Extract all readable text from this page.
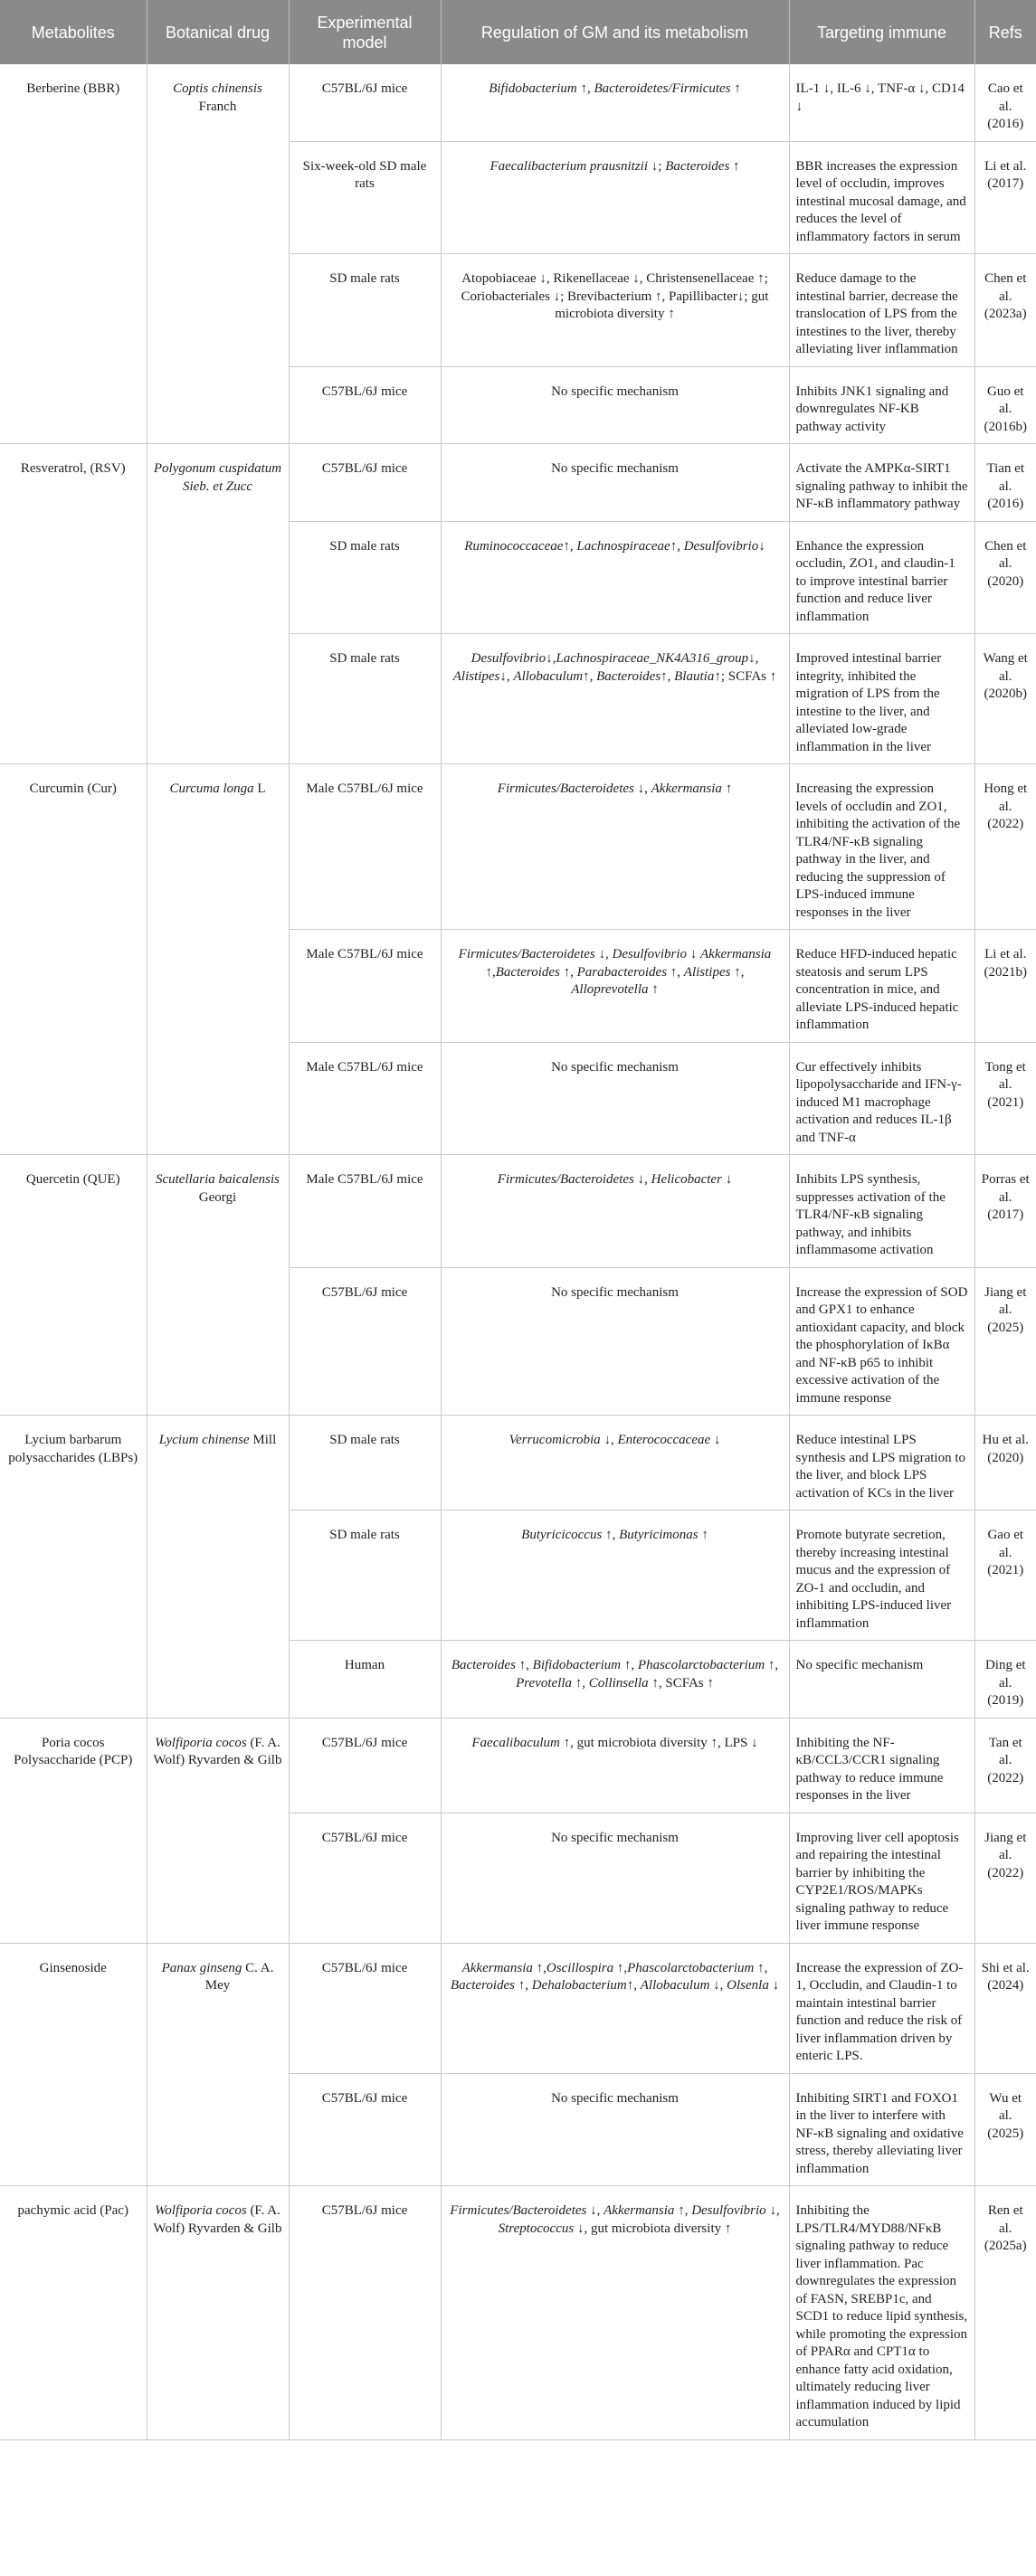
Metabolites	Botanical drug	Experimental model	Regulation of GM and its metabolism	Targeting immune	Refs
Berberine (BBR)	Coptis chinensis Franch	C57BL/6J mice	Bifidobacterium ↑, Bacteroidetes/Firmicutes ↑	IL-1 ↓, IL-6 ↓, TNF-α ↓, CD14 ↓	Cao et al. (2016)
		Six-week-old SD male rats	Faecalibacterium prausnitzii ↓; Bacteroides ↑	BBR increases the expression level of occludin, improves intestinal mucosal damage, and reduces the level of inflammatory factors in serum	Li et al. (2017)
		SD male rats	Atopobiaceae ↓, Rikenellaceae ↓, Christensenellaceae ↑; Coriobacteriales ↓; Brevibacterium ↑, Papillibacter↓; gut microbiota diversity ↑	Reduce damage to the intestinal barrier, decrease the translocation of LPS from the intestines to the liver, thereby alleviating liver inflammation	Chen et al. (2023a)
		C57BL/6J mice	No specific mechanism	Inhibits JNK1 signaling and downregulates NF-KB pathway activity	Guo et al. (2016b)
Resveratrol, (RSV)	Polygonum cuspidatum Sieb. et Zucc	C57BL/6J mice	No specific mechanism	Activate the AMPKα-SIRT1 signaling pathway to inhibit the NF-κB inflammatory pathway	Tian et al. (2016)
		SD male rats	Ruminococcaceae↑, Lachnospiraceae↑, Desulfovibrio↓	Enhance the expression occludin, ZO1, and claudin-1 to improve intestinal barrier function and reduce liver inflammation	Chen et al. (2020)
		SD male rats	Desulfovibrio↓,Lachnospiraceae_NK4A316_group↓, Alistipes↓, Allobaculum↑, Bacteroides↑, Blautia↑; SCFAs ↑	Improved intestinal barrier integrity, inhibited the migration of LPS from the intestine to the liver, and alleviated low-grade inflammation in the liver	Wang et al. (2020b)
Curcumin (Cur)	Curcuma longa L	Male C57BL/6J mice	Firmicutes/Bacteroidetes ↓, Akkermansia ↑	Increasing the expression levels of occludin and ZO1, inhibiting the activation of the TLR4/NF-κB signaling pathway in the liver, and reducing the suppression of LPS-induced immune responses in the liver	Hong et al. (2022)
		Male C57BL/6J mice	Firmicutes/Bacteroidetes ↓, Desulfovibrio ↓ Akkermansia ↑,Bacteroides ↑, Parabacteroides ↑, Alistipes ↑, Alloprevotella ↑	Reduce HFD-induced hepatic steatosis and serum LPS concentration in mice, and alleviate LPS-induced hepatic inflammation	Li et al. (2021b)
		Male C57BL/6J mice	No specific mechanism	Cur effectively inhibits lipopolysaccharide and IFN-γ-induced M1 macrophage activation and reduces IL-1β and TNF-α	Tong et al. (2021)
Quercetin (QUE)	Scutellaria baicalensis Georgi	Male C57BL/6J mice	Firmicutes/Bacteroidetes ↓, Helicobacter ↓	Inhibits LPS synthesis, suppresses activation of the TLR4/NF-κB signaling pathway, and inhibits inflammasome activation	Porras et al. (2017)
		C57BL/6J mice	No specific mechanism	Increase the expression of SOD and GPX1 to enhance antioxidant capacity, and block the phosphorylation of IκBα and NF-κB p65 to inhibit excessive activation of the immune response	Jiang et al. (2025)
Lycium barbarum polysaccharides (LBPs)	Lycium chinense Mill	SD male rats	Verrucomicrobia ↓, Enterococcaceae ↓	Reduce intestinal LPS synthesis and LPS migration to the liver, and block LPS activation of KCs in the liver	Hu et al. (2020)
		SD male rats	Butyricicoccus ↑, Butyricimonas ↑	Promote butyrate secretion, thereby increasing intestinal mucus and the expression of ZO-1 and occludin, and inhibiting LPS-induced liver inflammation	Gao et al. (2021)
		Human	Bacteroides ↑, Bifidobacterium ↑, Phascolarctobacterium ↑, Prevotella ↑, Collinsella ↑, SCFAs ↑	No specific mechanism	Ding et al. (2019)
Poria cocos Polysaccharide (PCP)	Wolfiporia cocos (F. A. Wolf) Ryvarden & Gilb	C57BL/6J mice	Faecalibaculum ↑, gut microbiota diversity ↑, LPS ↓	Inhibiting the NF-κB/CCL3/CCR1 signaling pathway to reduce immune responses in the liver	Tan et al. (2022)
		C57BL/6J mice	No specific mechanism	Improving liver cell apoptosis and repairing the intestinal barrier by inhibiting the CYP2E1/ROS/MAPKs signaling pathway to reduce liver immune response	Jiang et al. (2022)
Ginsenoside	Panax ginseng C. A. Mey	C57BL/6J mice	Akkermansia ↑,Oscillospira ↑,Phascolarctobacterium ↑, Bacteroides ↑, Dehalobacterium↑, Allobaculum ↓, Olsenla ↓	Increase the expression of ZO-1, Occludin, and Claudin-1 to maintain intestinal barrier function and reduce the risk of liver inflammation driven by enteric LPS.	Shi et al. (2024)
		C57BL/6J mice	No specific mechanism	Inhibiting SIRT1 and FOXO1 in the liver to interfere with NF-κB signaling and oxidative stress, thereby alleviating liver inflammation	Wu et al. (2025)
pachymic acid (Pac)	Wolfiporia cocos (F. A. Wolf) Ryvarden & Gilb	C57BL/6J mice	Firmicutes/Bacteroidetes ↓, Akkermansia ↑, Desulfovibrio ↓, Streptococcus ↓, gut microbiota diversity ↑	Inhibiting the LPS/TLR4/MYD88/NFκB signaling pathway to reduce liver inflammation. Pac downregulates the expression of FASN, SREBP1c, and SCD1 to reduce lipid synthesis, while promoting the expression of PPARα and CPT1α to enhance fatty acid oxidation, ultimately reducing liver inflammation induced by lipid accumulation	Ren et al. (2025a)
